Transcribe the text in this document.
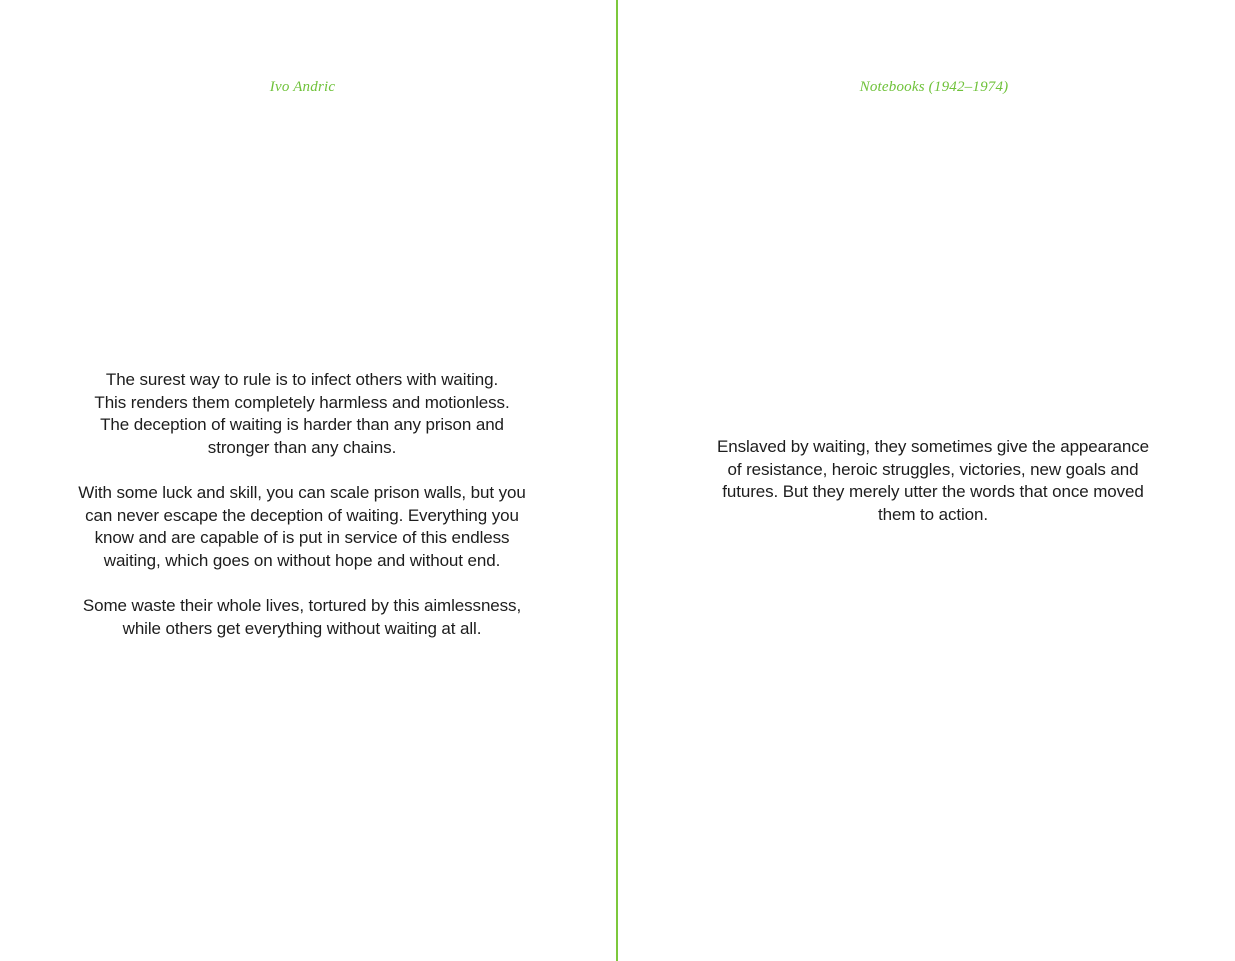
Ivo Andric

The surest way to rule is to infect others with waiting.
This renders them completely harmless and motionless.
The deception of waiting is harder than any prison and
stronger than any chains.

With some luck and skill, you can scale prison walls, but you
can never escape the deception of waiting. Everything you
know and are capable of is put in service of this endless
waiting, which goes on without hope and without end.

Some waste their whole lives, tortured by this aimlessness,
while others get everything without waiting at all.

Notebooks (1942–1974)

Enslaved by waiting, they sometimes give the appearance
of resistance, heroic struggles, victories, new goals and
futures. But they merely utter the words that once moved
them to action.
